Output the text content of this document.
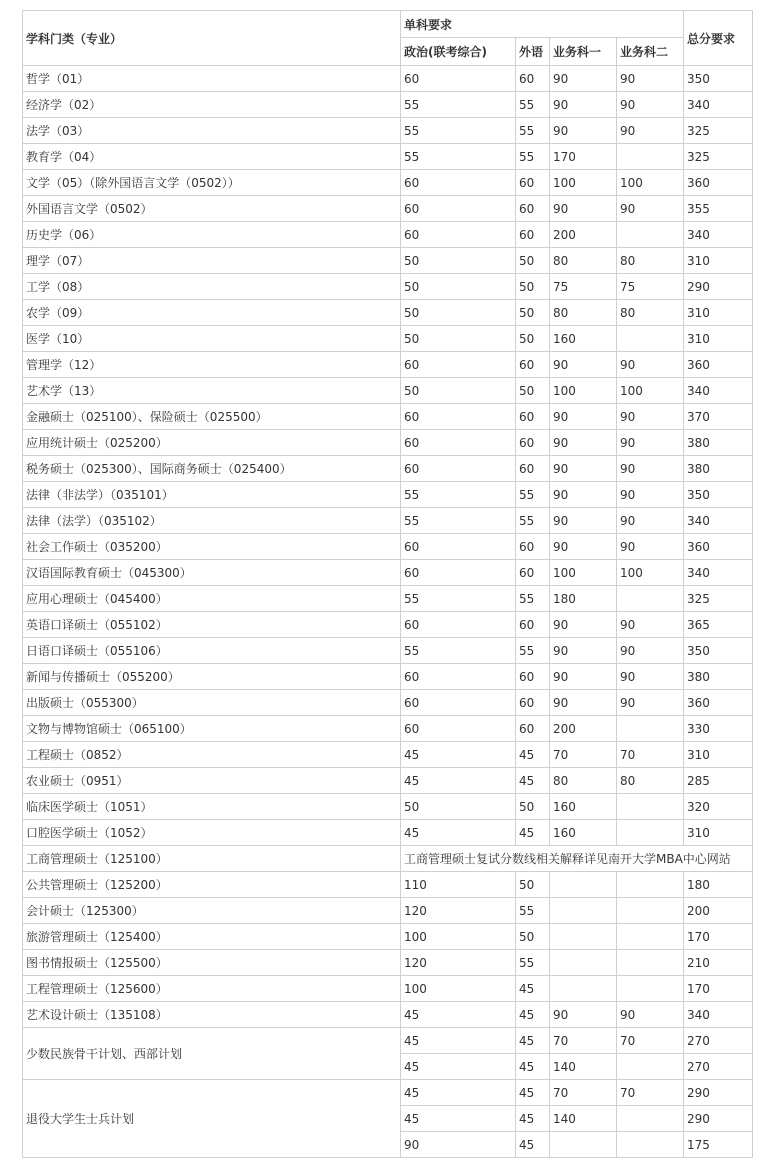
学科门类（专业）	单科要求				总分要求
	政治(联考综合)	外语	业务科一	业务科二	
哲学（01）	60	60	90	90	350
经济学（02）	55	55	90	90	340
法学（03）	55	55	90	90	325
教育学（04）	55	55	170		325
文学（05）（除外国语言文学（0502））	60	60	100	100	360
外国语言文学（0502）	60	60	90	90	355
历史学（06）	60	60	200		340
理学（07）	50	50	80	80	310
工学（08）	50	50	75	75	290
农学（09）	50	50	80	80	310
医学（10）	50	50	160		310
管理学（12）	60	60	90	90	360
艺术学（13）	50	50	100	100	340
金融硕士（025100）、保险硕士（025500）	60	60	90	90	370
应用统计硕士（025200）	60	60	90	90	380
税务硕士（025300）、国际商务硕士（025400）	60	60	90	90	380
法律（非法学）（035101）	55	55	90	90	350
法律（法学）（035102）	55	55	90	90	340
社会工作硕士（035200）	60	60	90	90	360
汉语国际教育硕士（045300）	60	60	100	100	340
应用心理硕士（045400）	55	55	180		325
英语口译硕士（055102）	60	60	90	90	365
日语口译硕士（055106）	55	55	90	90	350
新闻与传播硕士（055200）	60	60	90	90	380
出版硕士（055300）	60	60	90	90	360
文物与博物馆硕士（065100）	60	60	200		330
工程硕士（0852）	45	45	70	70	310
农业硕士（0951）	45	45	80	80	285
临床医学硕士（1051）	50	50	160		320
口腔医学硕士（1052）	45	45	160		310
工商管理硕士（125100）	工商管理硕士复试分数线相关解释详见南开大学MBA中心网站				
公共管理硕士（125200）	110	50			180
会计硕士（125300）	120	55			200
旅游管理硕士（125400）	100	50			170
图书情报硕士（125500）	120	55			210
工程管理硕士（125600）	100	45			170
艺术设计硕士（135108）	45	45	90	90	340
少数民族骨干计划、西部计划	45	45	70	70	270
	45	45	140		270
退役大学生士兵计划	45	45	70	70	290
	45	45	140		290
	90	45			175
